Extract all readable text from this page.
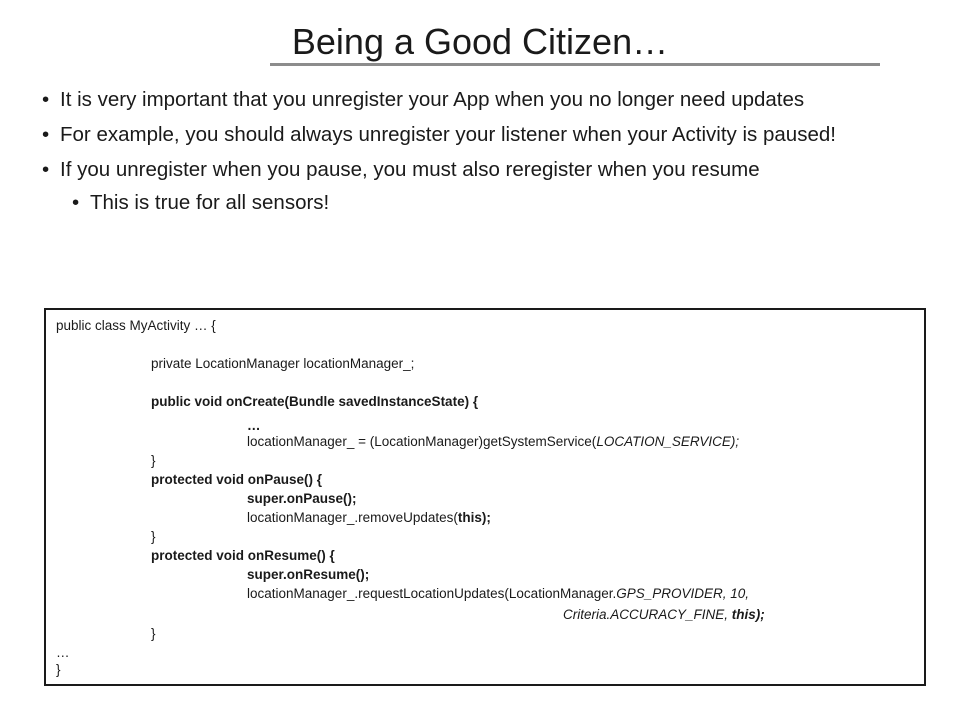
Being a Good Citizen…
• It is very important that you unregister your App when you no longer need updates
• For example, you should always unregister your listener when your Activity is paused!
• If you unregister when you pause, you must also reregister when you resume
• This is true for all sensors!
public class MyActivity … {
private LocationManager locationManager_;
public void onCreate(Bundle savedInstanceState) {
…
locationManager_ = (LocationManager)getSystemService(LOCATION_SERVICE);
}
protected void onPause() {
super.onPause();
locationManager_.removeUpdates(this);
}
protected void onResume() {
super.onResume();
locationManager_.requestLocationUpdates(LocationManager.GPS_PROVIDER, 10,
Criteria.ACCURACY_FINE, this);
}
…
}
